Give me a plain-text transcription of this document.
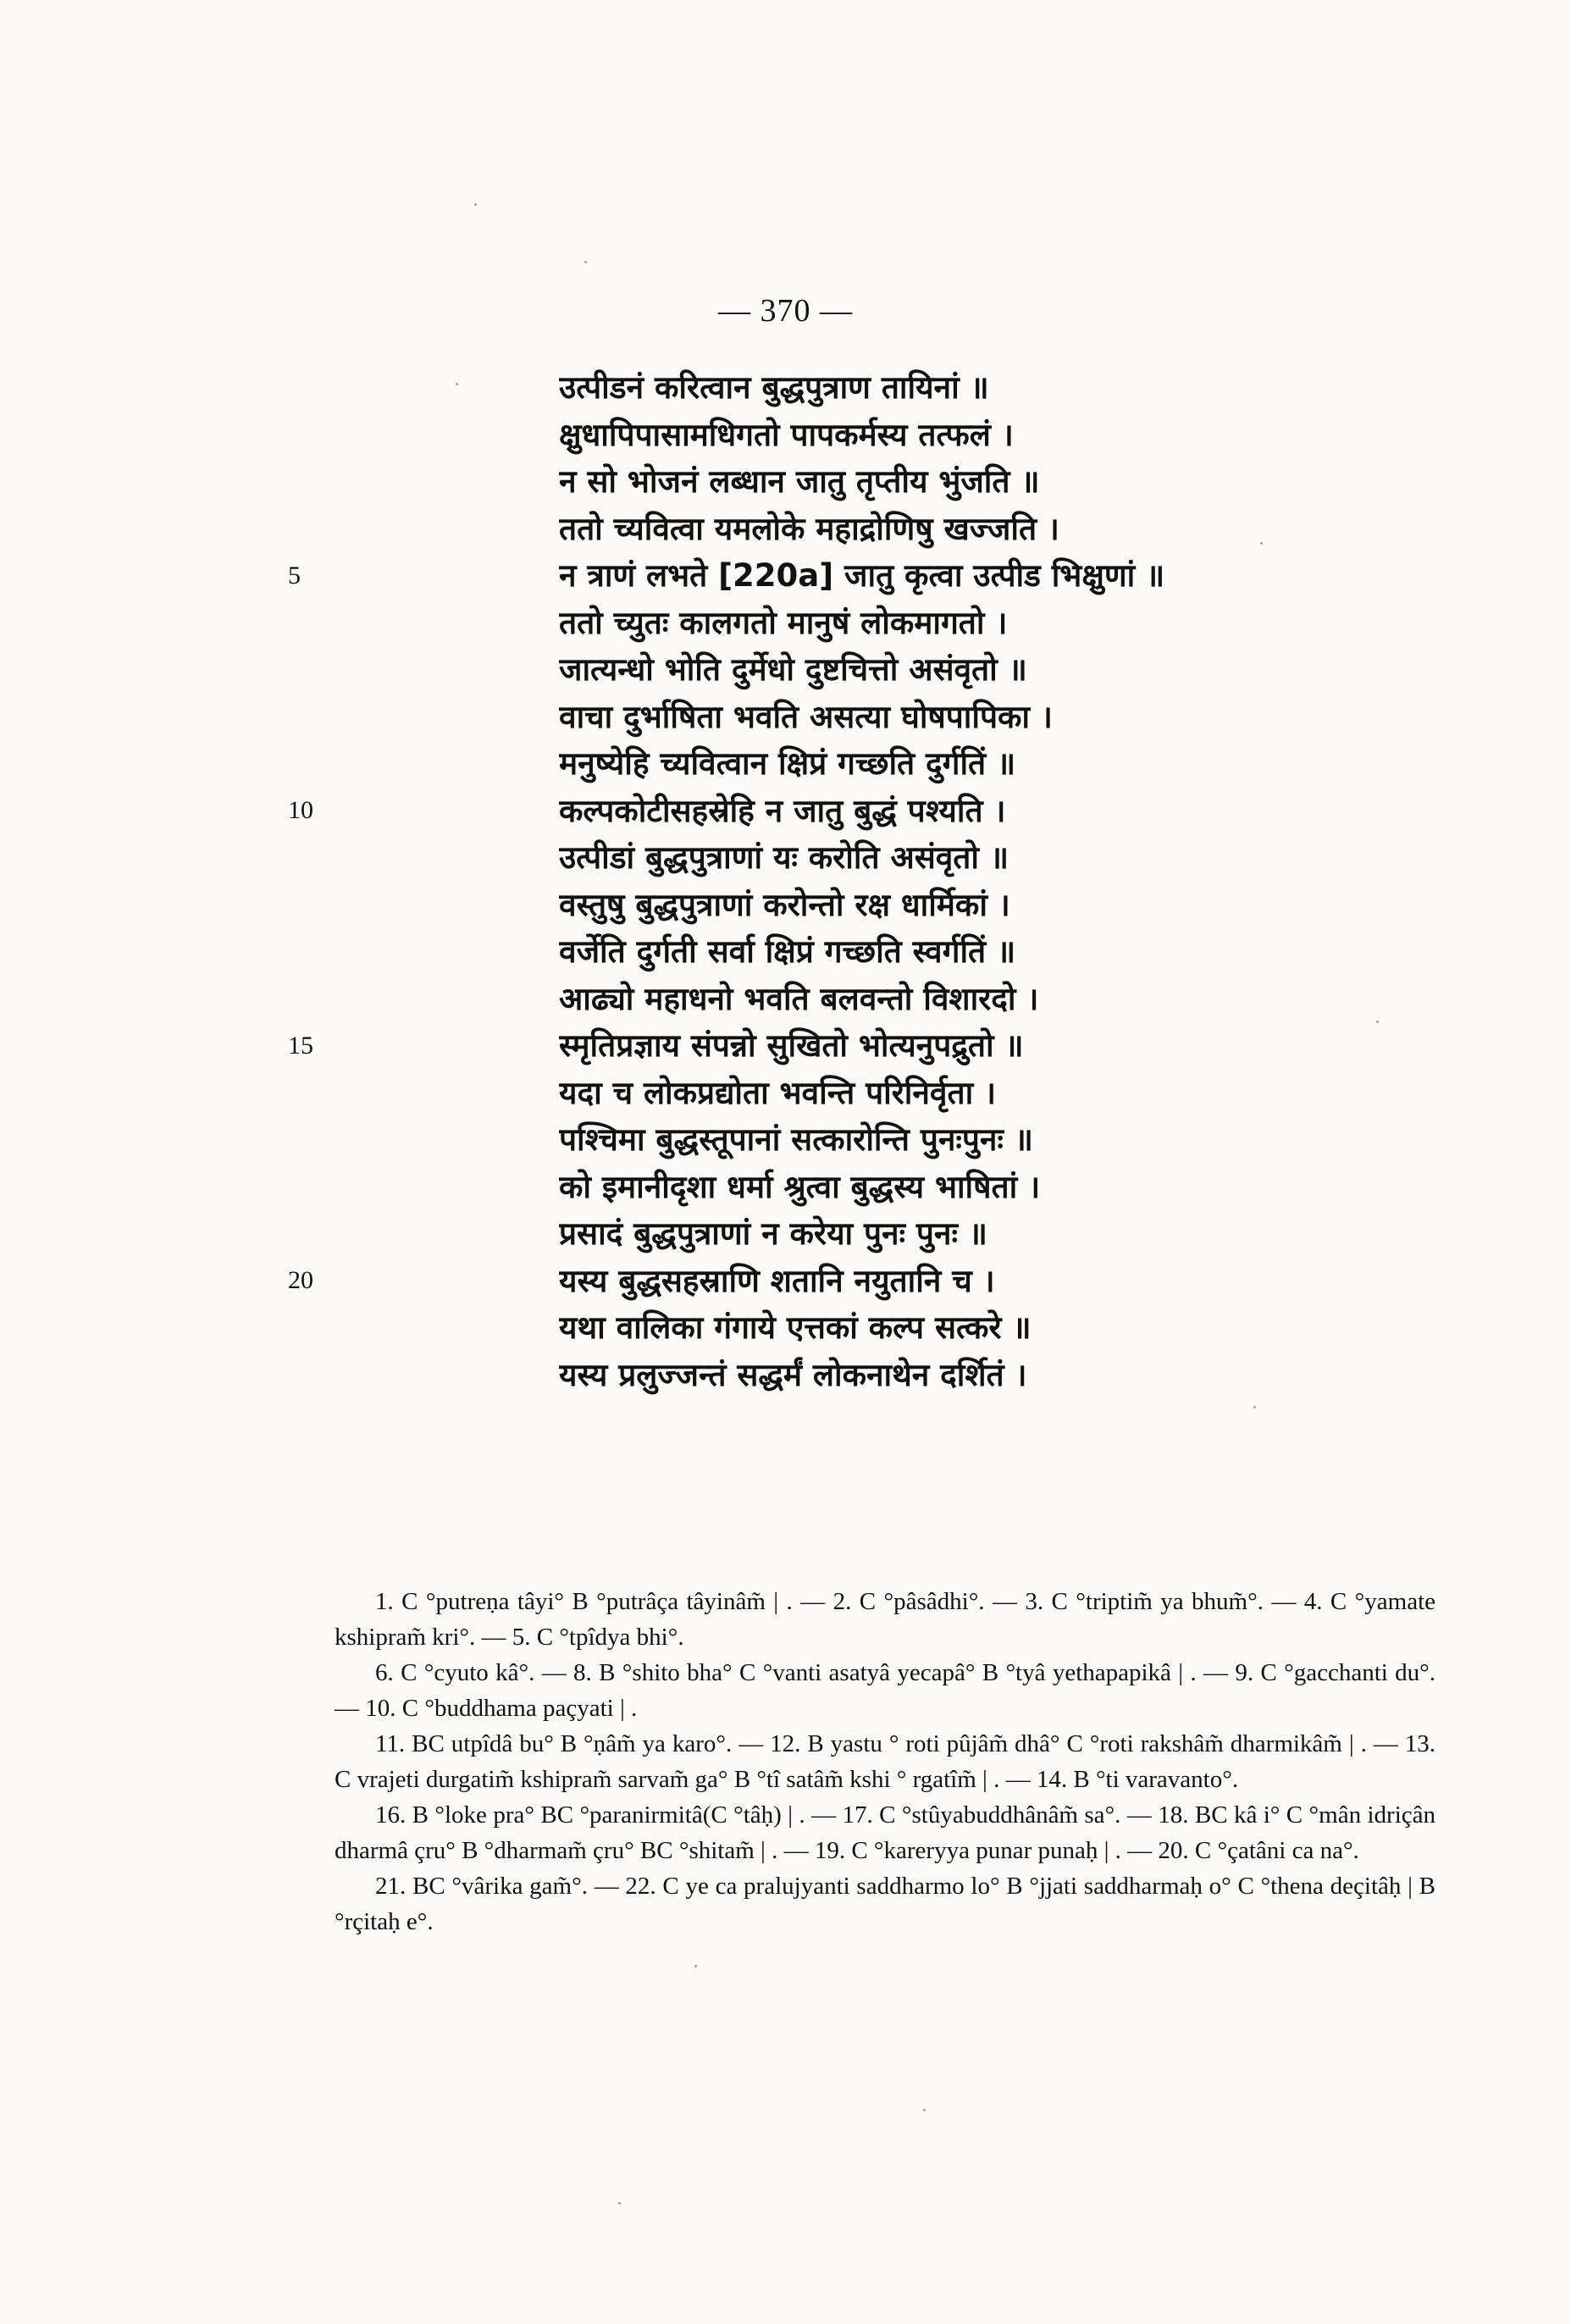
— 370 —
5
10
15
20
उत्पीडनं करित्वान बुद्धपुत्राण तायिनां ॥
क्षुधापिपासामधिगतो पापकर्मस्य तत्फलं ।
न सो भोजनं लब्धान जातु तृप्तीय भुंजति ॥
ततो च्यवित्वा यमलोके महाद्रोणिषु खज्जति ।
न त्राणं लभते [220a] जातु कृत्वा उत्पीड भिक्षुणां ॥
ततो च्युतः कालगतो मानुषं लोकमागतो ।
जात्यन्धो भोति दुर्मेधो दुष्टचित्तो असंवृतो ॥
वाचा दुर्भाषिता भवति असत्या घोषपापिका ।
मनुष्येहि च्यवित्वान क्षिप्रं गच्छति दुर्गतिं ॥
कल्पकोटीसहस्रेहि न जातु बुद्धं पश्यति ।
उत्पीडां बुद्धपुत्राणां यः करोति असंवृतो ॥
वस्तुषु बुद्धपुत्राणां करोन्तो रक्ष धार्मिकां ।
वर्जेति दुर्गती सर्वा क्षिप्रं गच्छति स्वर्गतिं ॥
आढ्यो महाधनो भवति बलवन्तो विशारदो ।
स्मृतिप्रज्ञाय संपन्नो सुखितो भोत्यनुपद्रुतो ॥
यदा च लोकप्रद्योता भवन्ति परिनिर्वृता ।
पश्चिमा बुद्धस्तूपानां सत्कारोन्ति पुनःपुनः ॥
को इमानीदृशा धर्मा श्रुत्वा बुद्धस्य भाषितां ।
प्रसादं बुद्धपुत्राणां न करेया पुनः पुनः ॥
यस्य बुद्धसहस्राणि शतानि नयुतानि च ।
यथा वालिका गंगाये एत्तकां कल्प सत्करे ॥
यस्य प्रलुज्जन्तं सद्धर्मं लोकनाथेन दर्शितं ।

1. C °putreṇa tâyi° B °putrâça tâyinâm̃ | . — 2. C °pâsâdhi°. — 3. C °triptim̃ ya bhum̃°. — 4. C °yamate kshipram̃ kri°. — 5. C °tpîdya bhi°.

6. C °cyuto kâ°. — 8. B °shito bha° C °vanti asatyâ yecapâ° B °tyâ yethapapikâ | . — 9. C °gacchanti du°. — 10. C °buddhama paçyati | .

11. BC utpîdâ bu° B °ṇâm̃ ya karo°. — 12. B yastu ° roti pûjâm̃ dhâ° C °roti rakshâm̃ dharmikâm̃ | . — 13. C vrajeti durgatim̃ kshipram̃ sarvam̃ ga° B °tî satâm̃ kshi ° rgatîm̃ | . — 14. B °ti varavanto°.

16. B °loke pra° BC °paranirmitâ(C °tâḥ) | . — 17. C °stûyabuddhânâm̃ sa°. — 18. BC kâ i° C °mân idriçân dharmâ çru° B °dharmam̃ çru° BC °shitam̃ | . — 19. C °kareryya punar punaḥ | . — 20. C °çatâni ca na°.

21. BC °vârika gam̃°. — 22. C ye ca pralujyanti saddharmo lo° B °jjati saddharmaḥ o° C °thena deçitâḥ | B °rçitaḥ e°.
